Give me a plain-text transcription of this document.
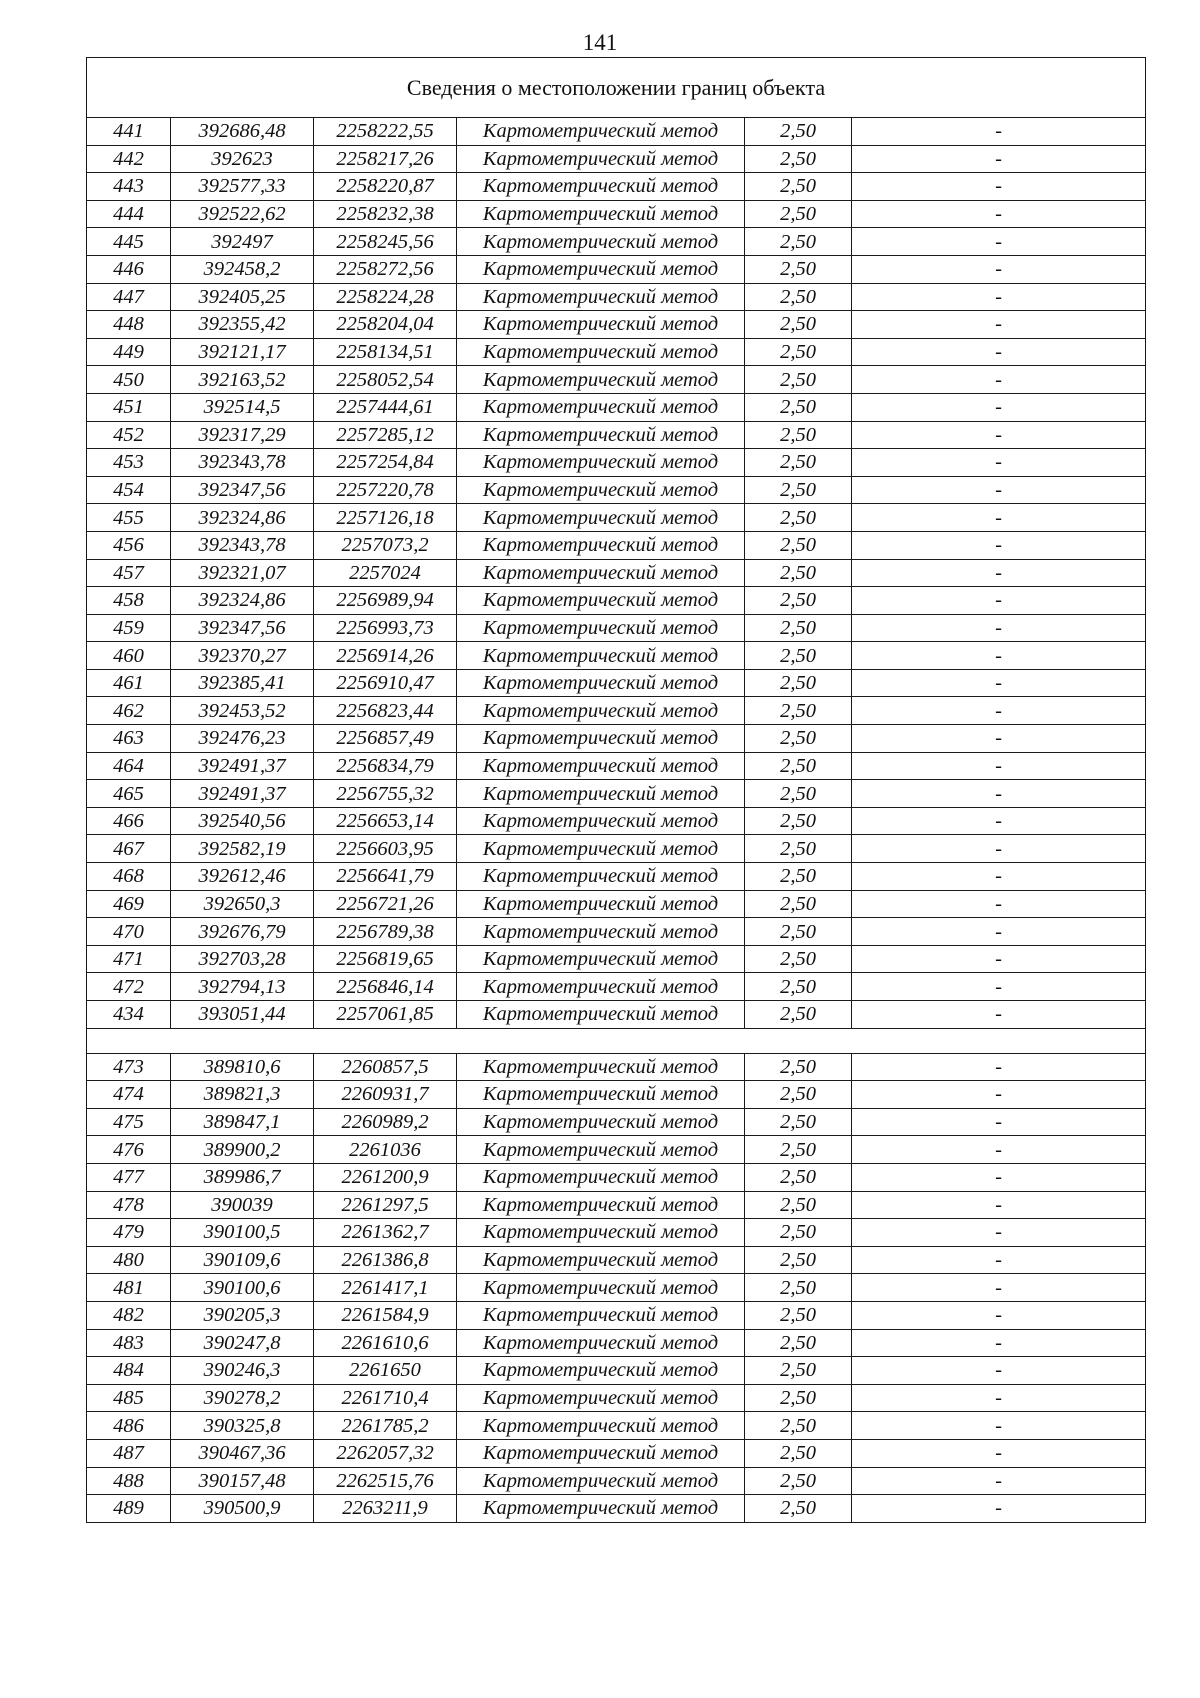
141
Сведения о местоположении границ объекта					
441	392686,48	2258222,55	Картометрический метод	2,50	-
442	392623	2258217,26	Картометрический метод	2,50	-
443	392577,33	2258220,87	Картометрический метод	2,50	-
444	392522,62	2258232,38	Картометрический метод	2,50	-
445	392497	2258245,56	Картометрический метод	2,50	-
446	392458,2	2258272,56	Картометрический метод	2,50	-
447	392405,25	2258224,28	Картометрический метод	2,50	-
448	392355,42	2258204,04	Картометрический метод	2,50	-
449	392121,17	2258134,51	Картометрический метод	2,50	-
450	392163,52	2258052,54	Картометрический метод	2,50	-
451	392514,5	2257444,61	Картометрический метод	2,50	-
452	392317,29	2257285,12	Картометрический метод	2,50	-
453	392343,78	2257254,84	Картометрический метод	2,50	-
454	392347,56	2257220,78	Картометрический метод	2,50	-
455	392324,86	2257126,18	Картометрический метод	2,50	-
456	392343,78	2257073,2	Картометрический метод	2,50	-
457	392321,07	2257024	Картометрический метод	2,50	-
458	392324,86	2256989,94	Картометрический метод	2,50	-
459	392347,56	2256993,73	Картометрический метод	2,50	-
460	392370,27	2256914,26	Картометрический метод	2,50	-
461	392385,41	2256910,47	Картометрический метод	2,50	-
462	392453,52	2256823,44	Картометрический метод	2,50	-
463	392476,23	2256857,49	Картометрический метод	2,50	-
464	392491,37	2256834,79	Картометрический метод	2,50	-
465	392491,37	2256755,32	Картометрический метод	2,50	-
466	392540,56	2256653,14	Картометрический метод	2,50	-
467	392582,19	2256603,95	Картометрический метод	2,50	-
468	392612,46	2256641,79	Картометрический метод	2,50	-
469	392650,3	2256721,26	Картометрический метод	2,50	-
470	392676,79	2256789,38	Картометрический метод	2,50	-
471	392703,28	2256819,65	Картометрический метод	2,50	-
472	392794,13	2256846,14	Картометрический метод	2,50	-
434	393051,44	2257061,85	Картометрический метод	2,50	-

473	389810,6	2260857,5	Картометрический метод	2,50	-
474	389821,3	2260931,7	Картометрический метод	2,50	-
475	389847,1	2260989,2	Картометрический метод	2,50	-
476	389900,2	2261036	Картометрический метод	2,50	-
477	389986,7	2261200,9	Картометрический метод	2,50	-
478	390039	2261297,5	Картометрический метод	2,50	-
479	390100,5	2261362,7	Картометрический метод	2,50	-
480	390109,6	2261386,8	Картометрический метод	2,50	-
481	390100,6	2261417,1	Картометрический метод	2,50	-
482	390205,3	2261584,9	Картометрический метод	2,50	-
483	390247,8	2261610,6	Картометрический метод	2,50	-
484	390246,3	2261650	Картометрический метод	2,50	-
485	390278,2	2261710,4	Картометрический метод	2,50	-
486	390325,8	2261785,2	Картометрический метод	2,50	-
487	390467,36	2262057,32	Картометрический метод	2,50	-
488	390157,48	2262515,76	Картометрический метод	2,50	-
489	390500,9	2263211,9	Картометрический метод	2,50	-
